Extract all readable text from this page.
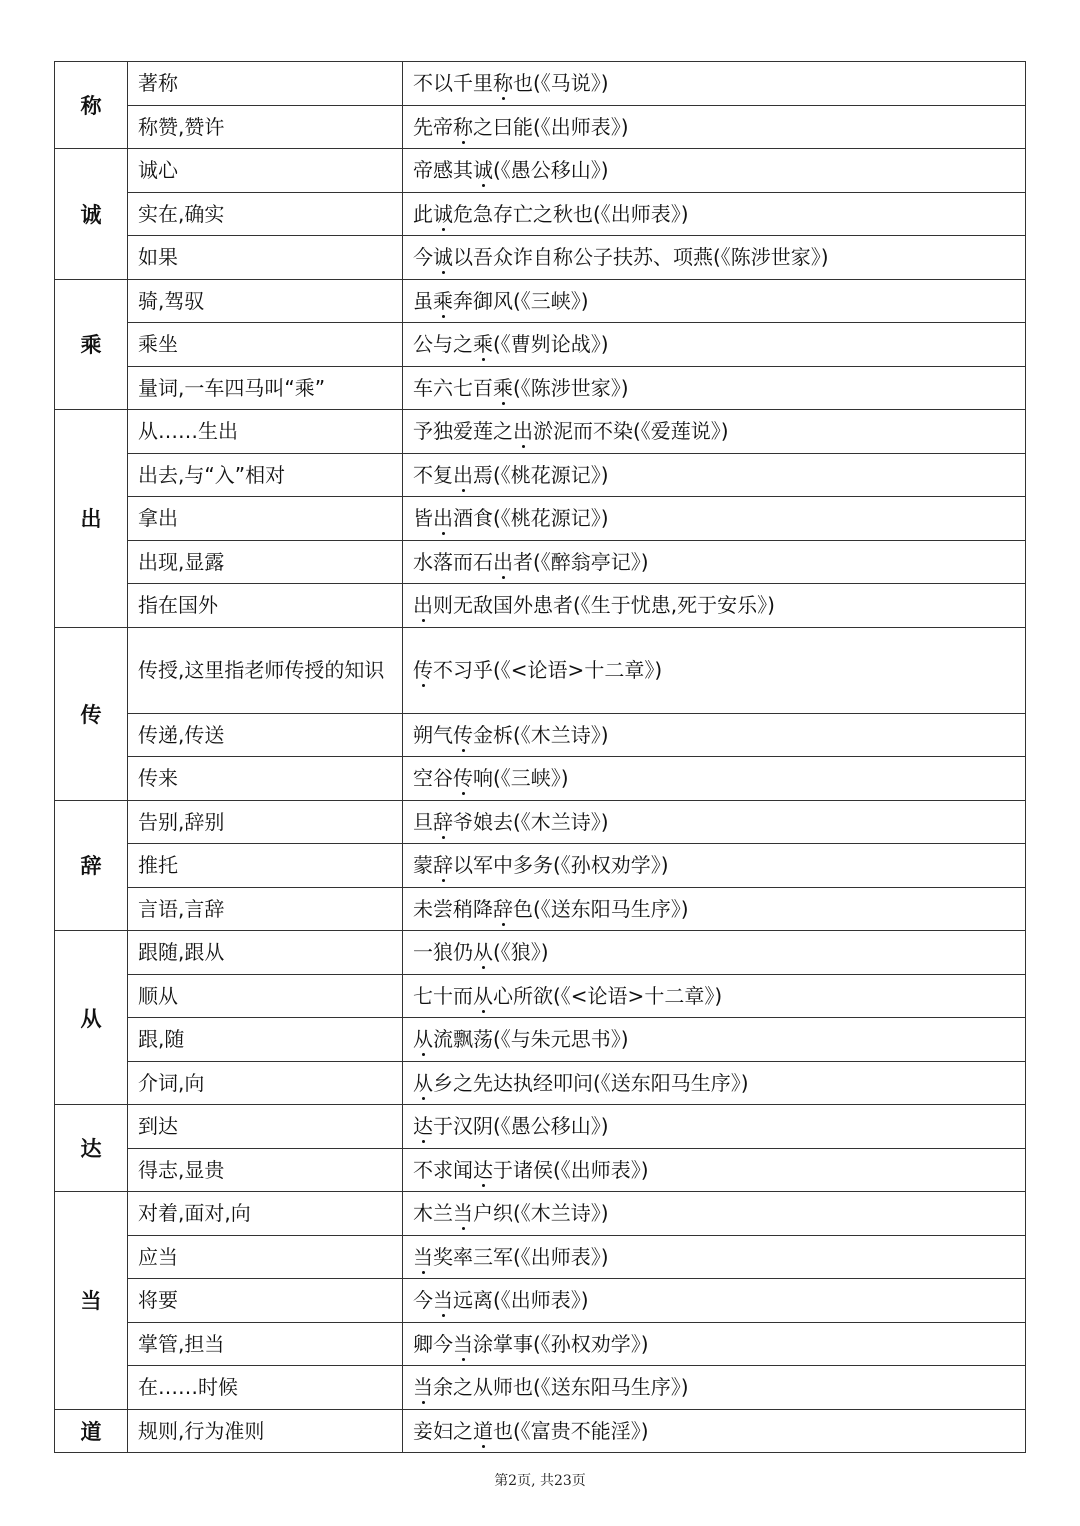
称	著称	不以千里称也(《马说》)
	称赞,赞许	先帝称之曰能(《出师表》)
诚	诚心	帝感其诚(《愚公移山》)
	实在,确实	此诚危急存亡之秋也(《出师表》)
	如果	今诚以吾众诈自称公子扶苏、项燕(《陈涉世家》)
乘	骑,驾驭	虽乘奔御风(《三峡》)
	乘坐	公与之乘(《曹刿论战》)
	量词,一车四马叫“乘”	车六七百乘(《陈涉世家》)
出	从……生出	予独爱莲之出淤泥而不染(《爱莲说》)
	出去,与“入”相对	不复出焉(《桃花源记》)
	拿出	皆出酒食(《桃花源记》)
	出现,显露	水落而石出者(《醉翁亭记》)
	指在国外	出则无敌国外患者(《生于忧患,死于安乐》)
传	传授,这里指老师传授的知识	传不习乎(《<论语>十二章》)
	传递,传送	朔气传金柝(《木兰诗》)
	传来	空谷传响(《三峡》)
辞	告别,辞别	旦辞爷娘去(《木兰诗》)
	推托	蒙辞以军中多务(《孙权劝学》)
	言语,言辞	未尝稍降辞色(《送东阳马生序》)
从	跟随,跟从	一狼仍从(《狼》)
	顺从	七十而从心所欲(《<论语>十二章》)
	跟,随	从流飘荡(《与朱元思书》)
	介词,向	从乡之先达执经叩问(《送东阳马生序》)
达	到达	达于汉阴(《愚公移山》)
	得志,显贵	不求闻达于诸侯(《出师表》)
当	对着,面对,向	木兰当户织(《木兰诗》)
	应当	当奖率三军(《出师表》)
	将要	今当远离(《出师表》)
	掌管,担当	卿今当涂掌事(《孙权劝学》)
	在……时候	当余之从师也(《送东阳马生序》)
道	规则,行为准则	妾妇之道也(《富贵不能淫》)
第2页, 共23页
